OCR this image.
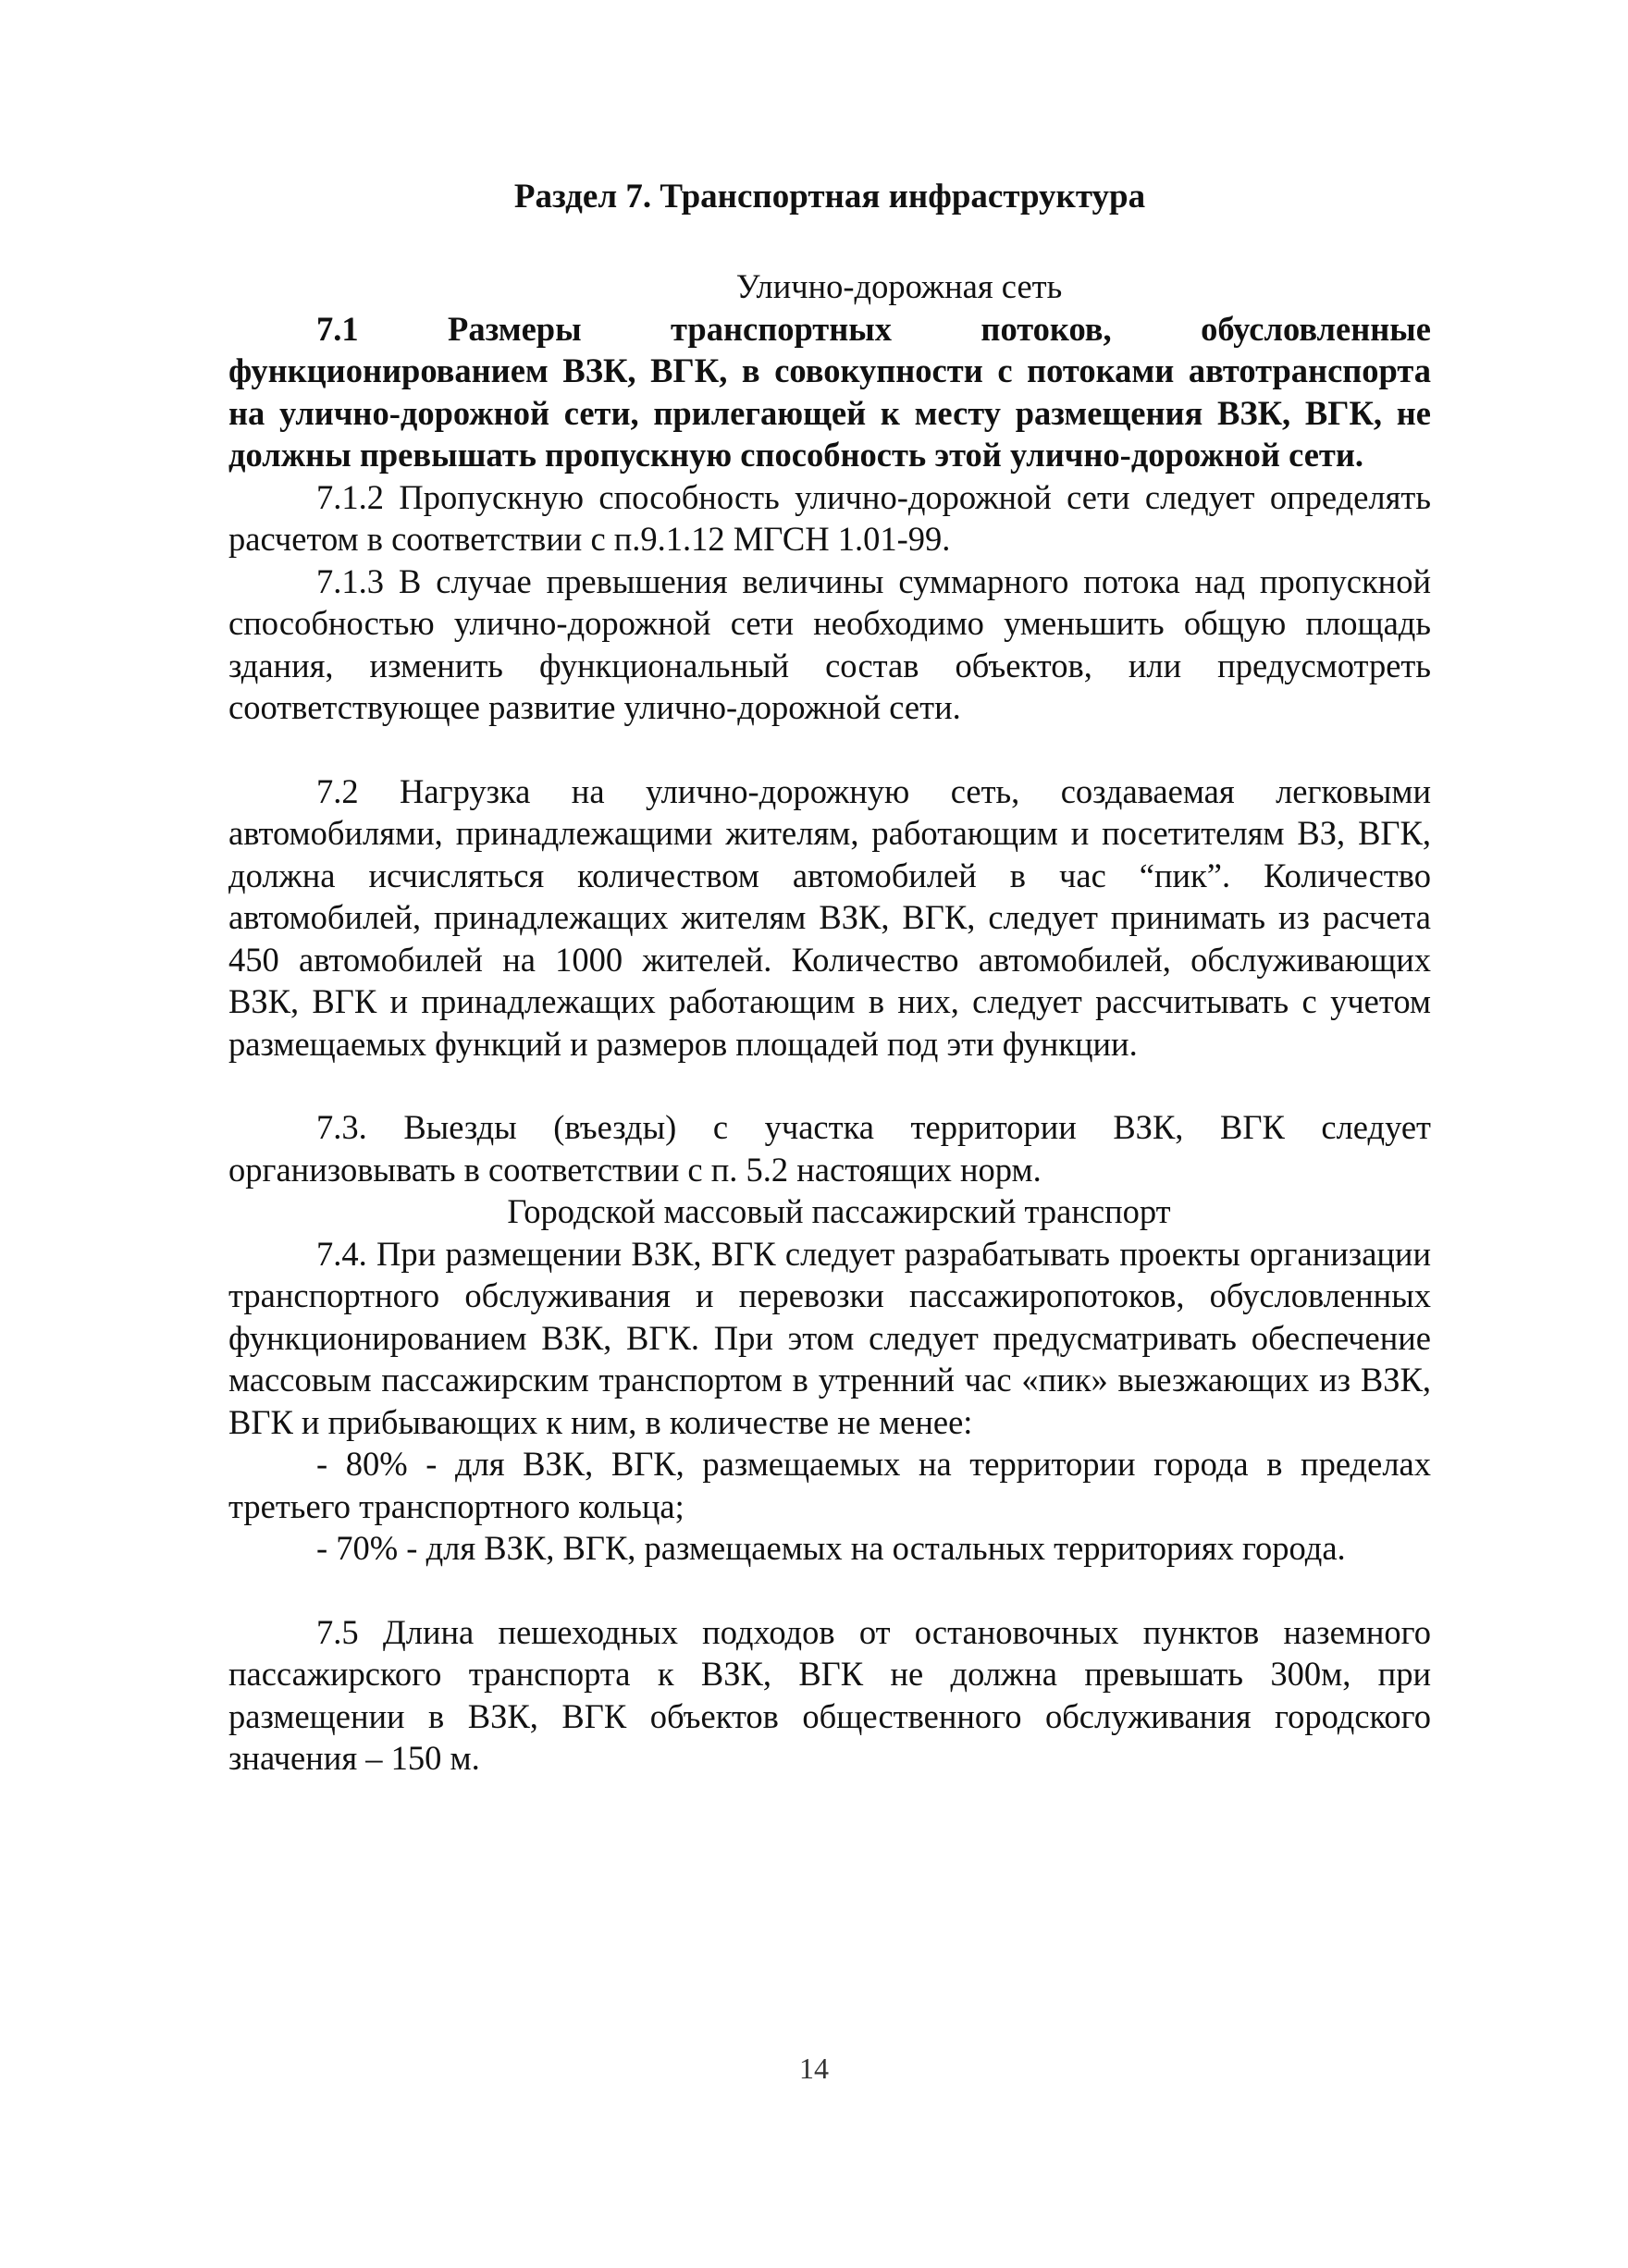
Раздел 7. Транспортная инфраструктура

Улично-дорожная сеть

7.1 Размеры транспортных потоков, обусловленные функционированием ВЗК, ВГК, в совокупности с потоками автотранспорта на улично-дорожной сети, прилегающей к месту размещения ВЗК, ВГК, не должны превышать пропускную способность этой улично-дорожной сети.

7.1.2 Пропускную способность улично-дорожной сети следует определять расчетом в соответствии с п.9.1.12 МГСН 1.01-99.

7.1.3 В случае превышения величины суммарного потока над пропускной способностью улично-дорожной сети необходимо уменьшить общую площадь здания, изменить функциональный состав объектов, или предусмотреть соответствующее развитие улично-дорожной сети.

7.2 Нагрузка на улично-дорожную сеть, создаваемая легковыми автомобилями, принадлежащими жителям, работающим и посетителям ВЗ, ВГК, должна исчисляться количеством автомобилей в час “пик”. Количество автомобилей, принадлежащих жителям ВЗК, ВГК, следует принимать из расчета 450 автомобилей на 1000 жителей. Количество автомобилей, обслуживающих ВЗК, ВГК и принадлежащих работающим в них, следует рассчитывать с учетом размещаемых функций и размеров площадей под эти функции.

7.3. Выезды (въезды) с участка территории ВЗК, ВГК следует организовывать в соответствии с п. 5.2 настоящих норм.

Городской массовый пассажирский транспорт

7.4. При размещении ВЗК, ВГК следует разрабатывать проекты организации транспортного обслуживания и перевозки пассажиропотоков, обусловленных функционированием ВЗК, ВГК. При этом следует предусматривать обеспечение массовым пассажирским транспортом в утренний час «пик» выезжающих из ВЗК, ВГК и прибывающих к ним, в количестве не менее:

- 80% - для ВЗК, ВГК, размещаемых на территории города в пределах третьего транспортного кольца;

- 70% - для ВЗК, ВГК, размещаемых на остальных территориях города.

7.5 Длина пешеходных подходов от остановочных пунктов наземного пассажирского транспорта к ВЗК, ВГК не должна превышать 300м, при размещении в ВЗК, ВГК объектов общественного обслуживания городского значения – 150 м.

14
